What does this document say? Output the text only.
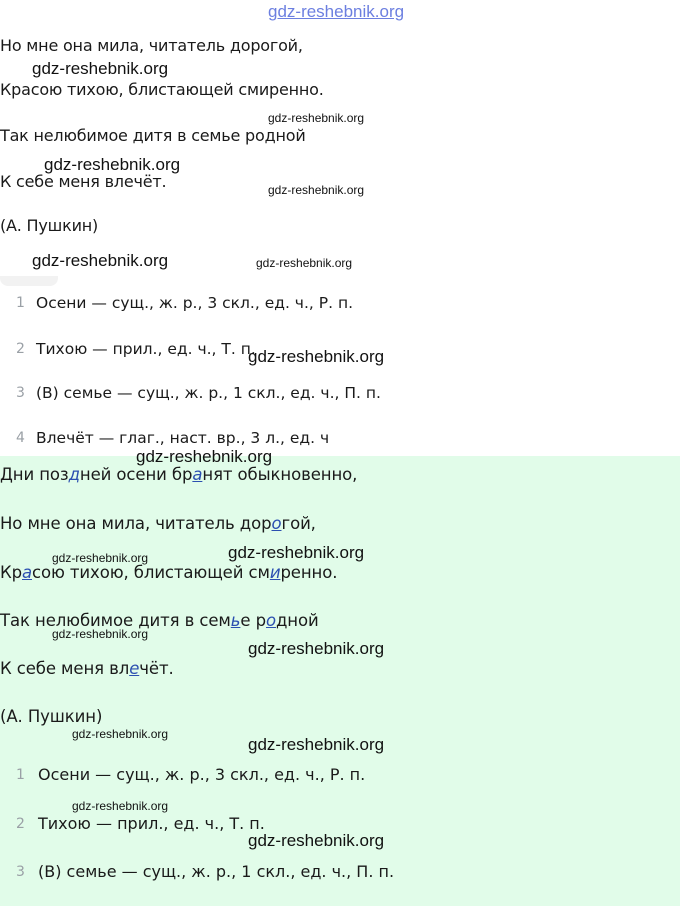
gdz-reshebnik.org
Но мне она мила, читатель дорогой,
Красою тихою, блистающей смиренно.
Так нелюбимое дитя в семье родной
К себе меня влечёт.
(А. Пушкин)
1 Осени — сущ., ж. р., 3 скл., ед. ч., Р. п.
2 Тихою — прил., ед. ч., Т. п.
3 (В) семье — сущ., ж. р., 1 скл., ед. ч., П. п.
4 Влечёт — глаг., наст. вр., 3 л., ед. ч
Дни поздней осени бранят обыкновенно,
Но мне она мила, читатель дорогой,
Красою тихою, блистающей смиренно.
Так нелюбимое дитя в семье родной
К себе меня влечёт.
(А. Пушкин)
1 Осени — сущ., ж. р., 3 скл., ед. ч., Р. п.
2 Тихою — прил., ед. ч., Т. п.
3 (В) семье — сущ., ж. р., 1 скл., ед. ч., П. п.
gdz-reshebnik.org
gdz-reshebnik.org
gdz-reshebnik.org
gdz-reshebnik.org
gdz-reshebnik.org	gdz-reshebnik.org
gdz-reshebnik.org
gdz-reshebnik.org
gdz-reshebnik.org
gdz-reshebnik.org
gdz-reshebnik.org
gdz-reshebnik.org
gdz-reshebnik.org
gdz-reshebnik.org
gdz-reshebnik.org
gdz-reshebnik.org
